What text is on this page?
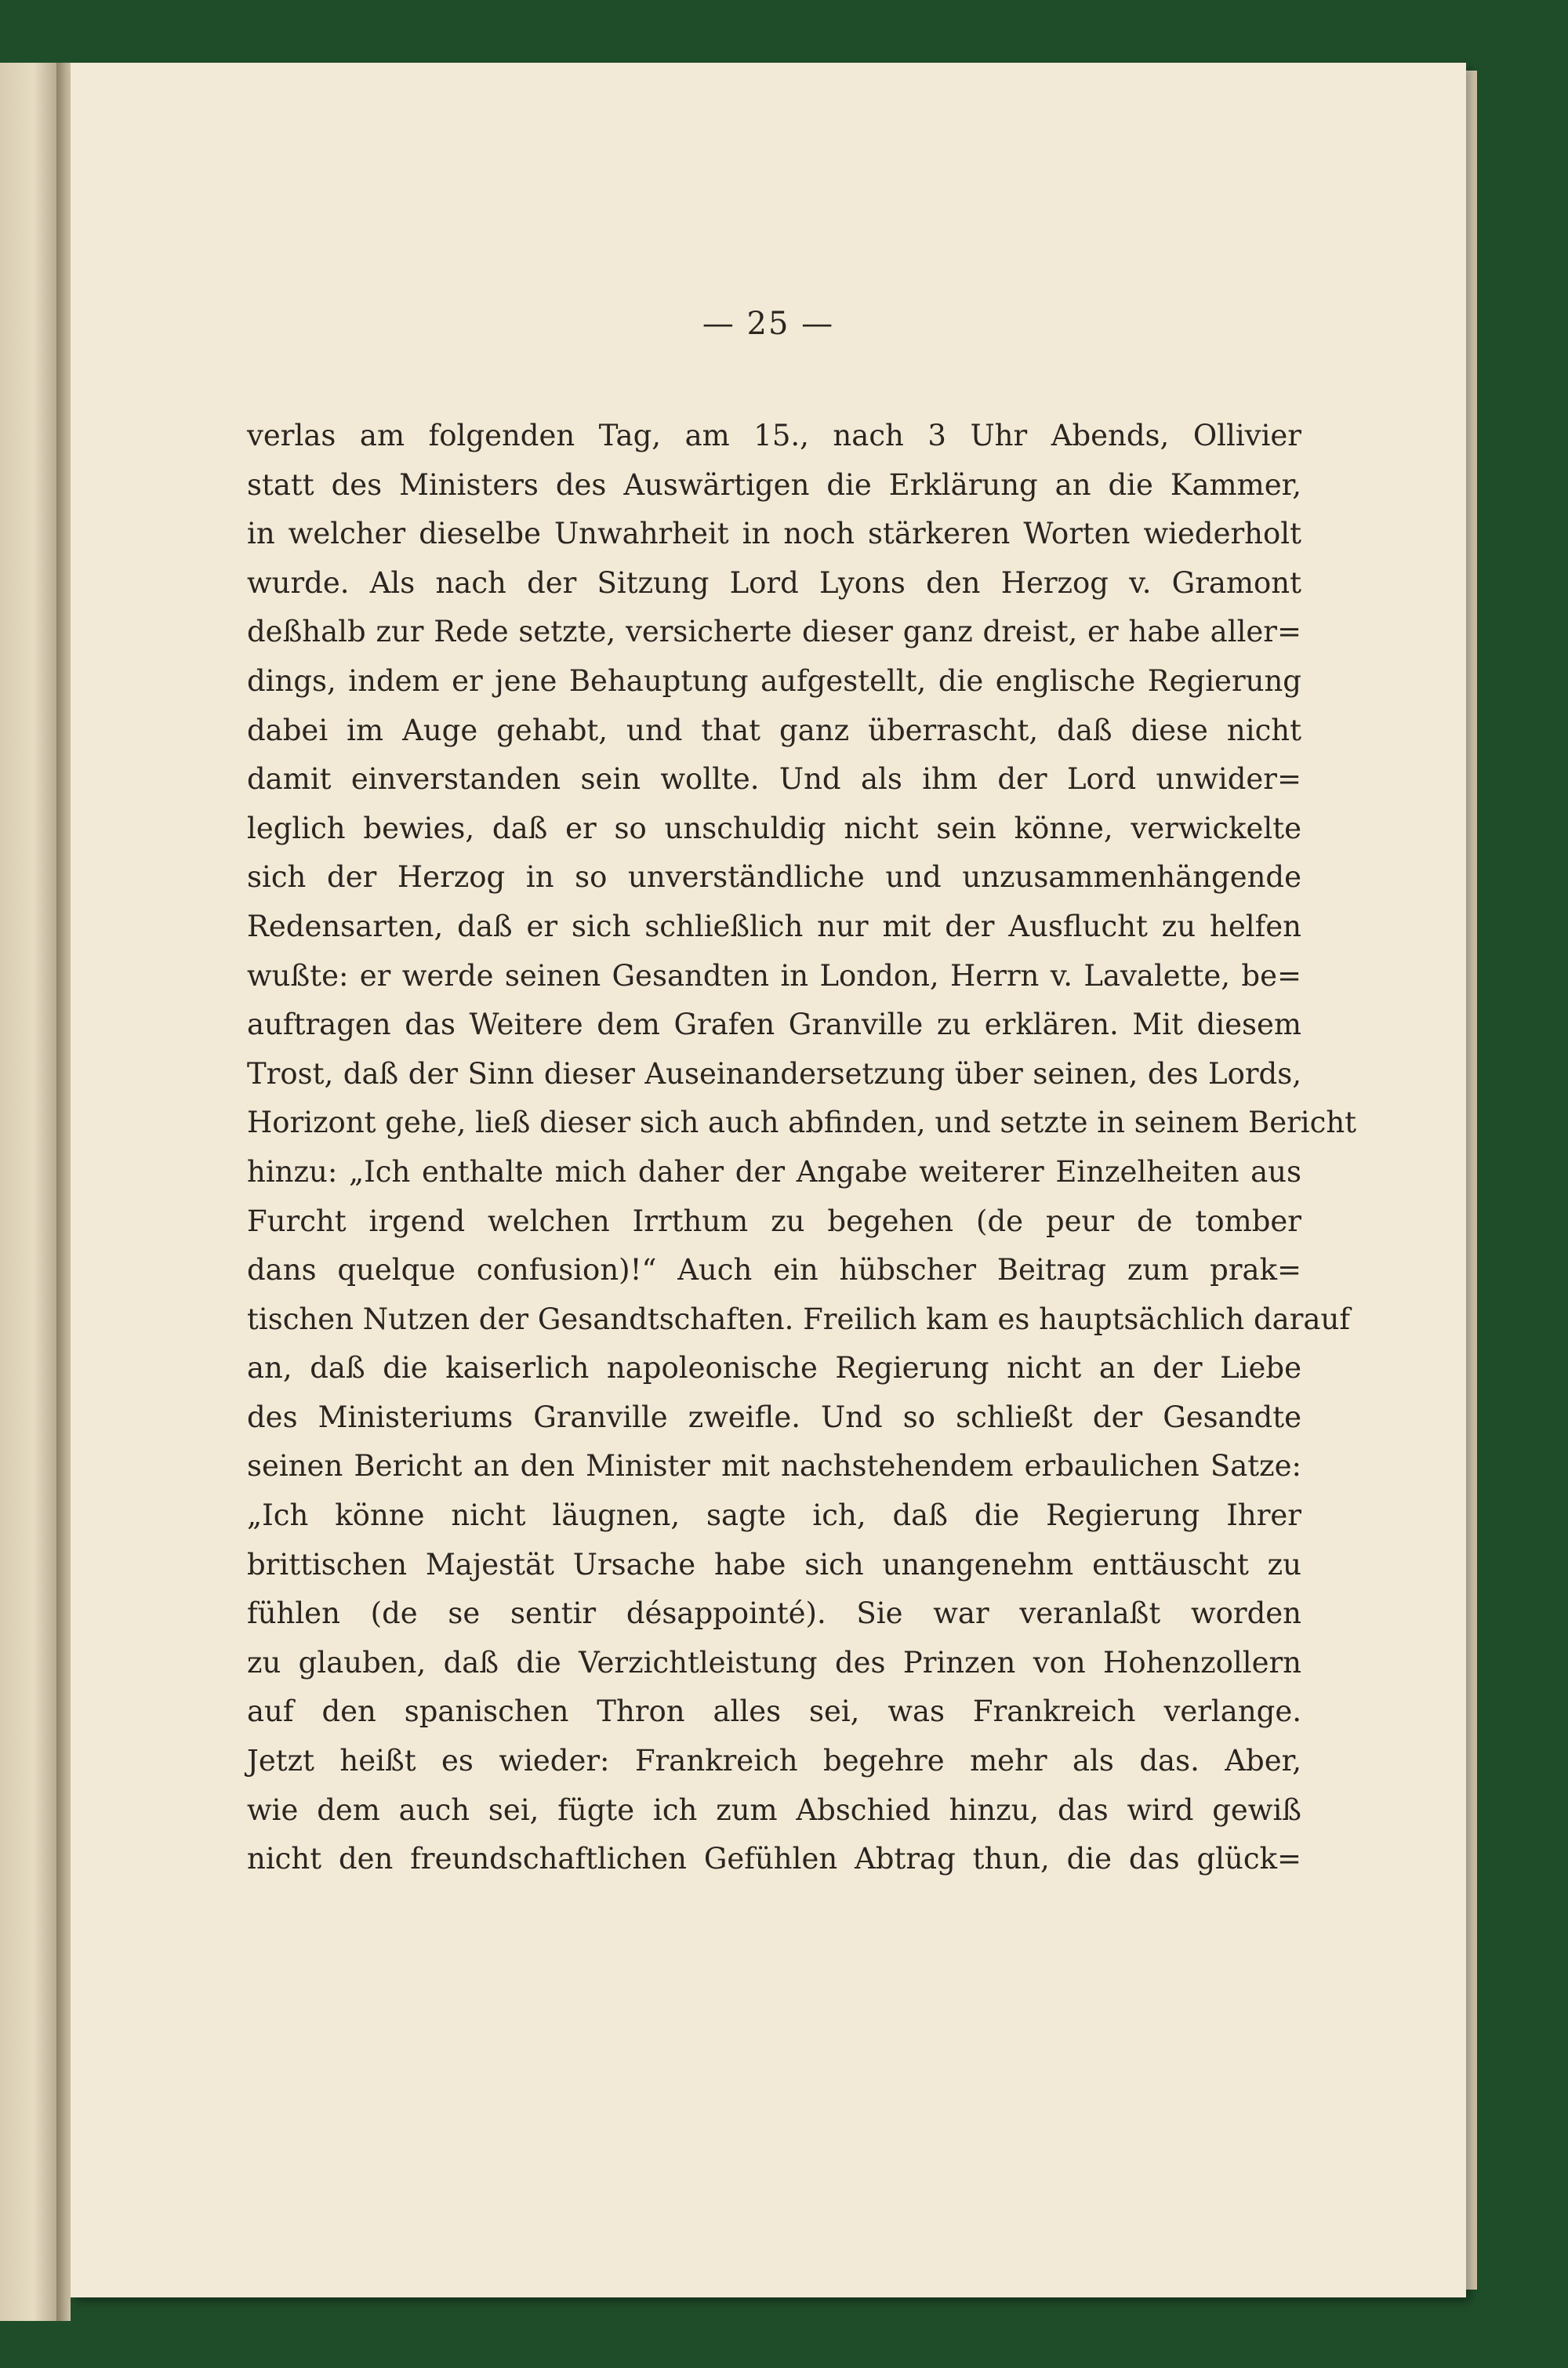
— 25 —
verlas am folgenden Tag, am 15., nach 3 Uhr Abends, Ollivier
statt des Ministers des Auswärtigen die Erklärung an die Kammer,
in welcher dieselbe Unwahrheit in noch stärkeren Worten wiederholt
wurde. Als nach der Sitzung Lord Lyons den Herzog v. Gramont
deßhalb zur Rede setzte, versicherte dieser ganz dreist, er habe aller=
dings, indem er jene Behauptung aufgestellt, die englische Regierung
dabei im Auge gehabt, und that ganz überrascht, daß diese nicht
damit einverstanden sein wollte. Und als ihm der Lord unwider=
leglich bewies, daß er so unschuldig nicht sein könne, verwickelte
sich der Herzog in so unverständliche und unzusammenhängende
Redensarten, daß er sich schließlich nur mit der Ausflucht zu helfen
wußte: er werde seinen Gesandten in London, Herrn v. Lavalette, be=
auftragen das Weitere dem Grafen Granville zu erklären. Mit diesem
Trost, daß der Sinn dieser Auseinandersetzung über seinen, des Lords,
Horizont gehe, ließ dieser sich auch abfinden, und setzte in seinem Bericht
hinzu: „Ich enthalte mich daher der Angabe weiterer Einzelheiten aus
Furcht irgend welchen Irrthum zu begehen (de peur de tomber
dans quelque confusion)!“ Auch ein hübscher Beitrag zum prak=
tischen Nutzen der Gesandtschaften. Freilich kam es hauptsächlich darauf
an, daß die kaiserlich napoleonische Regierung nicht an der Liebe
des Ministeriums Granville zweifle. Und so schließt der Gesandte
seinen Bericht an den Minister mit nachstehendem erbaulichen Satze:
„Ich könne nicht läugnen, sagte ich, daß die Regierung Ihrer
brittischen Majestät Ursache habe sich unangenehm enttäuscht zu
fühlen (de se sentir désappointé). Sie war veranlaßt worden
zu glauben, daß die Verzichtleistung des Prinzen von Hohenzollern
auf den spanischen Thron alles sei, was Frankreich verlange.
Jetzt heißt es wieder: Frankreich begehre mehr als das. Aber,
wie dem auch sei, fügte ich zum Abschied hinzu, das wird gewiß
nicht den freundschaftlichen Gefühlen Abtrag thun, die das glück=
